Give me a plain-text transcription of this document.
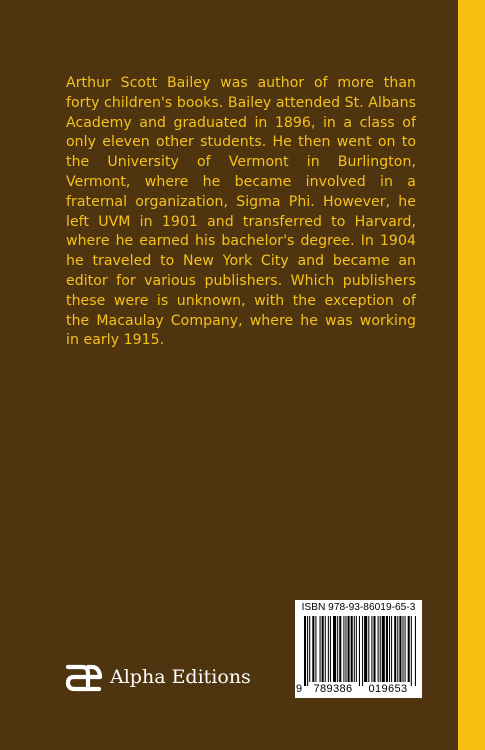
Arthur Scott Bailey was author of more than forty children's books. Bailey attended St. Albans Academy and graduated in 1896, in a class of only eleven other students. He then went on to the University of Vermont in Burlington, Vermont, where he became involved in a fraternal organization, Sigma Phi. However, he left UVM in 1901 and transferred to Harvard, where he earned his bachelor's degree. In 1904 he traveled to New York City and became an editor for various publishers. Which publishers these were is unknown, with the exception of the Macaulay Company, where he was working in early 1915.

Alpha Editions
ISBN 978-93-86019-65-3
9	789386	019653
